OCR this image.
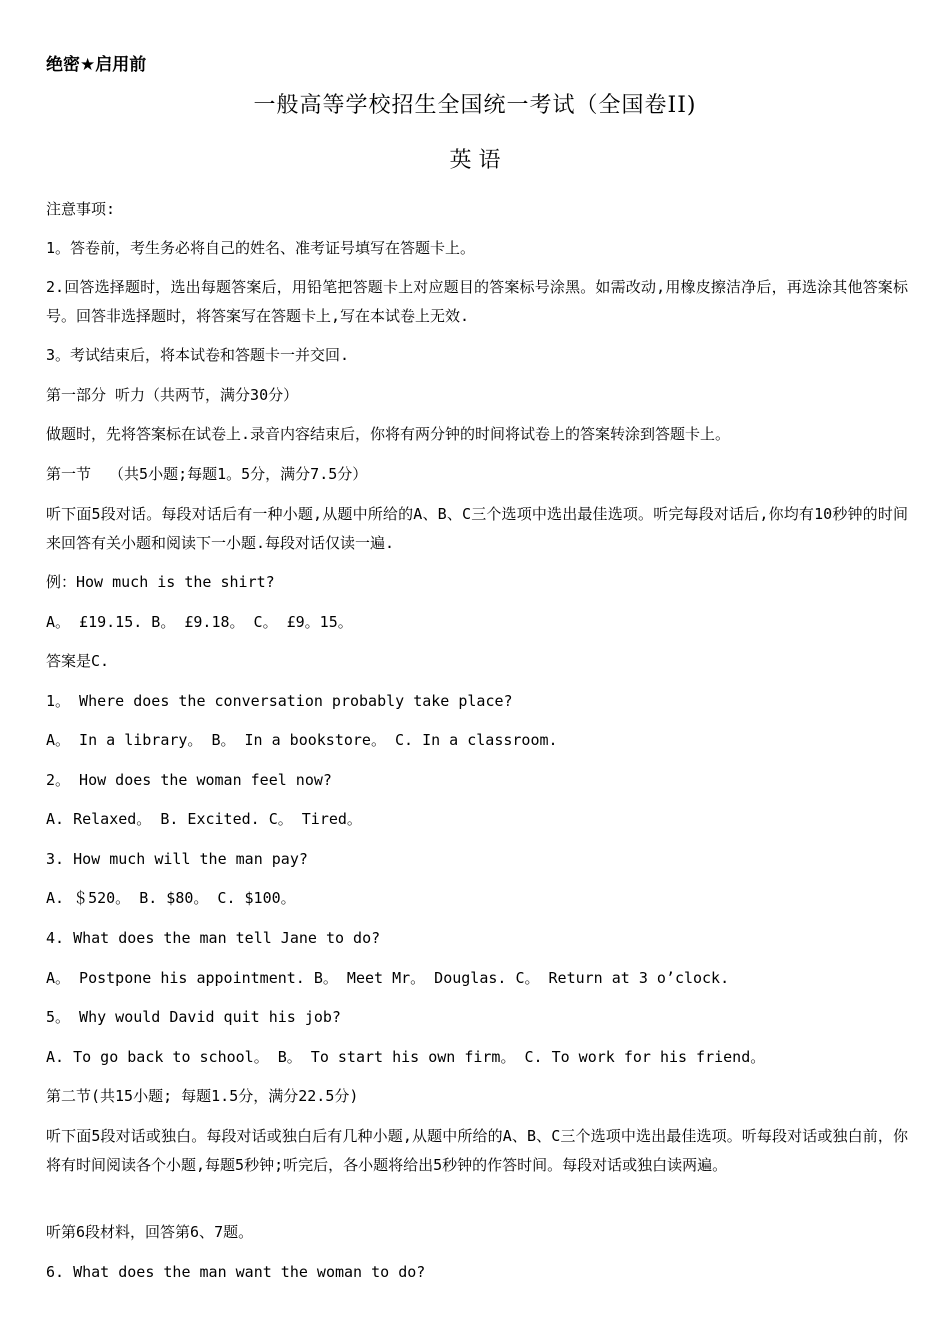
绝密★启用前
一般高等学校招生全国统一考试（全国卷II)
英 语
注意事项:
1。答卷前，考生务必将自己的姓名、准考证号填写在答题卡上。
2.回答选择题时，选出每题答案后，用铅笔把答题卡上对应题目的答案标号涂黑。如需改动,用橡皮擦洁净后，再选涂其他答案标号。回答非选择题时，将答案写在答题卡上,写在本试卷上无效.
3。考试结束后，将本试卷和答题卡一并交回.
第一部分 听力（共两节，满分30分）
做题时，先将答案标在试卷上.录音内容结束后，你将有两分钟的时间将试卷上的答案转涂到答题卡上。
第一节  （共5小题;每题1。5分，满分7.5分）
听下面5段对话。每段对话后有一种小题,从题中所给的A、B、C三个选项中选出最佳选项。听完每段对话后,你均有10秒钟的时间来回答有关小题和阅读下一小题.每段对话仅读一遍.
例：How much is the shirt?
A。 £19.15. B。 £9.18。 C。 £9。15。
答案是C.
1。 Where does the conversation probably take place?
A。 In a library。 B。 In a bookstore。 C. In a classroom.
2。 How does the woman feel now?
A. Relaxed。 B. Excited. C。 Tired。
3. How much will the man pay?
A. ＄520。 B. $80。 C. $100。
4. What does the man tell Jane to do?
A。 Postpone his appointment. B。 Meet Mr。 Douglas. C。 Return at 3 o’clock.
5。 Why would David quit his job?
A. To go back to school。 B。 To start his own firm。 C. To work for his friend。
第二节(共15小题; 每题1.5分，满分22.5分)
听下面5段对话或独白。每段对话或独白后有几种小题,从题中所给的A、B、C三个选项中选出最佳选项。听每段对话或独白前，你将有时间阅读各个小题,每题5秒钟;听完后，各小题将给出5秒钟的作答时间。每段对话或独白读两遍。
听第6段材料，回答第6、7题。
6. What does the man want the woman to do?
